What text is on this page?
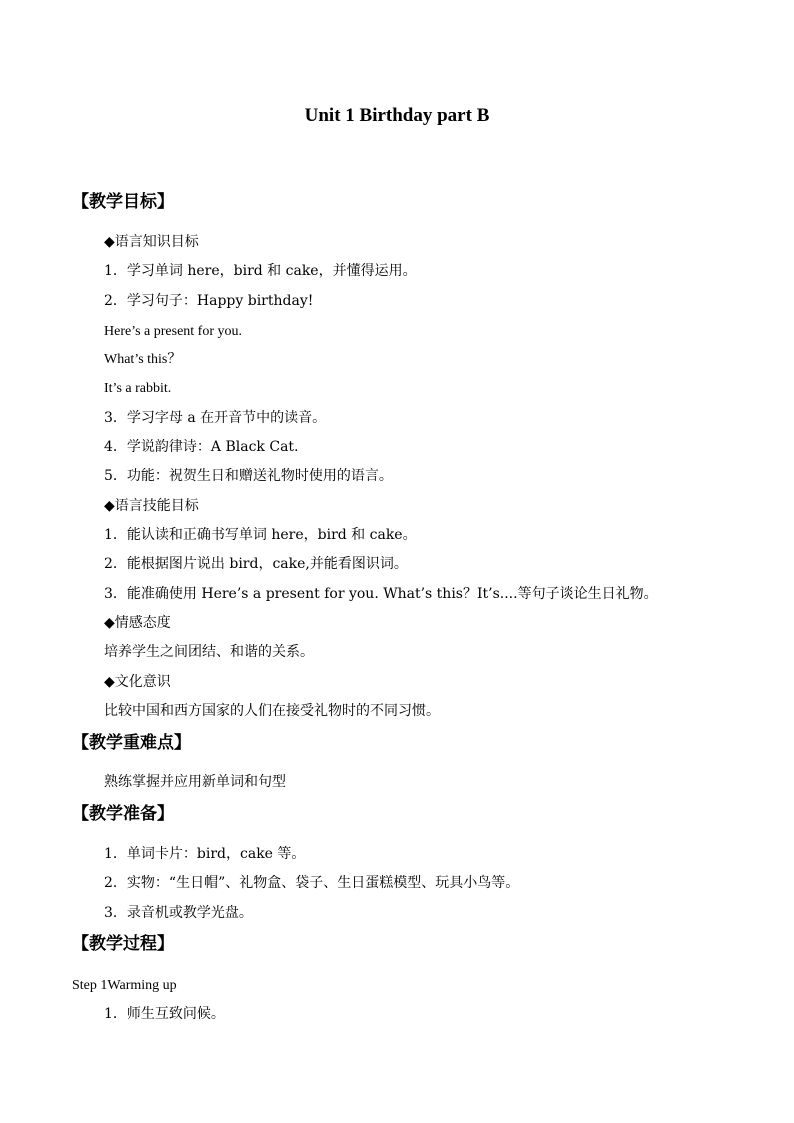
Unit 1 Birthday part B
【教学目标】
◆语言知识目标
1．学习单词 here，bird 和 cake，并懂得运用。
2．学习句子：Happy birthday!
Here’s a present for you.
What’s this？
It’s a rabbit.
3．学习字母 a 在开音节中的读音。
4．学说韵律诗：A Black Cat.
5．功能：祝贺生日和赠送礼物时使用的语言。
◆语言技能目标
1．能认读和正确书写单词 here，bird 和 cake。
2．能根据图片说出 bird，cake,并能看图识词。
3．能准确使用 Here’s a present for you. What’s this？It’s....等句子谈论生日礼物。
◆情感态度
培养学生之间团结、和谐的关系。
◆文化意识
比较中国和西方国家的人们在接受礼物时的不同习惯。
【教学重难点】
熟练掌握并应用新单词和句型
【教学准备】
1．单词卡片：bird，cake 等。
2．实物：“生日帽”、礼物盒、袋子、生日蛋糕模型、玩具小鸟等。
3．录音机或教学光盘。
【教学过程】
Step 1Warming up
1．师生互致问候。
